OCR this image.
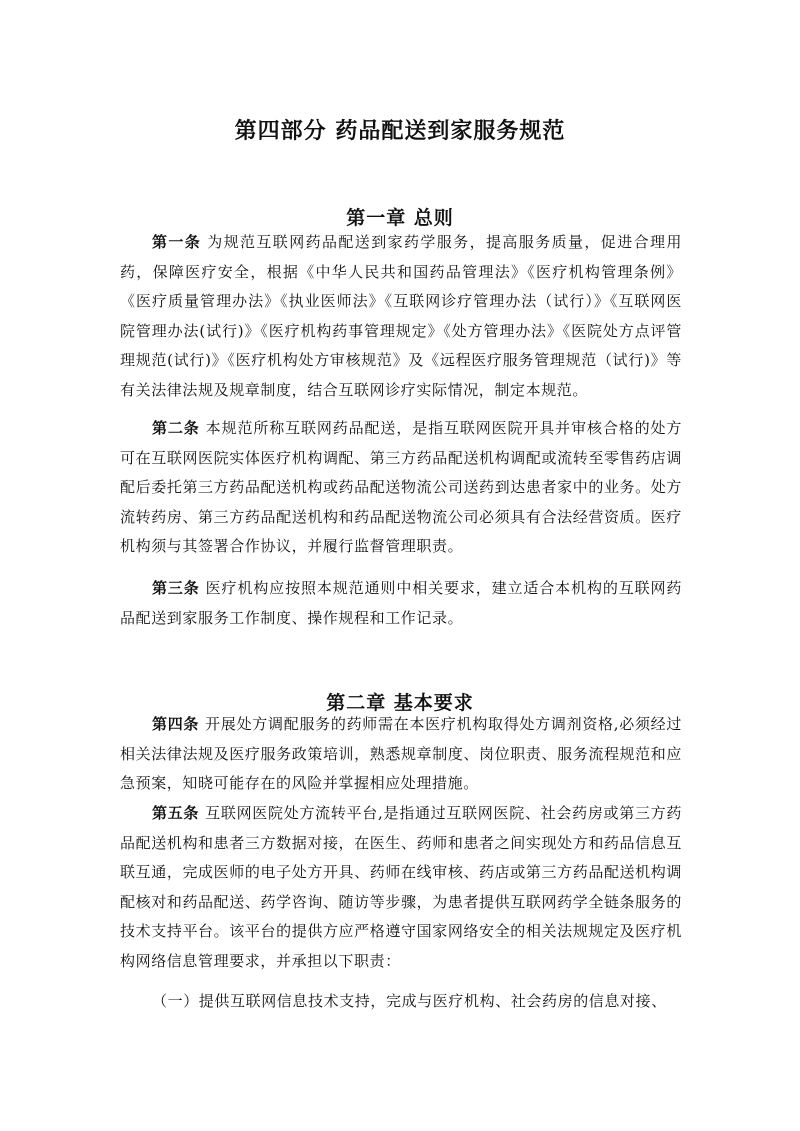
第四部分 药品配送到家服务规范
第一章 总则

第一条 为规范互联网药品配送到家药学服务，提高服务质量，促进合理用药，保障医疗安全，根据《中华人民共和国药品管理法》《医疗机构管理条例》《医疗质量管理办法》《执业医师法》《互联网诊疗管理办法（试行）》《互联网医院管理办法(试行)》《医疗机构药事管理规定》《处方管理办法》《医院处方点评管理规范(试行)》《医疗机构处方审核规范》及《远程医疗服务管理规范（试行)》等有关法律法规及规章制度，结合互联网诊疗实际情况，制定本规范。

第二条 本规范所称互联网药品配送，是指互联网医院开具并审核合格的处方可在互联网医院实体医疗机构调配、第三方药品配送机构调配或流转至零售药店调配后委托第三方药品配送机构或药品配送物流公司送药到达患者家中的业务。处方流转药房、第三方药品配送机构和药品配送物流公司必须具有合法经营资质。医疗机构须与其签署合作协议，并履行监督管理职责。

第三条 医疗机构应按照本规范通则中相关要求，建立适合本机构的互联网药品配送到家服务工作制度、操作规程和工作记录。

第二章 基本要求

第四条 开展处方调配服务的药师需在本医疗机构取得处方调剂资格,必须经过相关法律法规及医疗服务政策培训，熟悉规章制度、岗位职责、服务流程规范和应急预案，知晓可能存在的风险并掌握相应处理措施。

第五条 互联网医院处方流转平台,是指通过互联网医院、社会药房或第三方药品配送机构和患者三方数据对接，在医生、药师和患者之间实现处方和药品信息互联互通，完成医师的电子处方开具、药师在线审核、药店或第三方药品配送机构调配核对和药品配送、药学咨询、随访等步骤，为患者提供互联网药学全链条服务的技术支持平台。该平台的提供方应严格遵守国家网络安全的相关法规规定及医疗机构网络信息管理要求，并承担以下职责：

（一）提供互联网信息技术支持，完成与医疗机构、社会药房的信息对接、
